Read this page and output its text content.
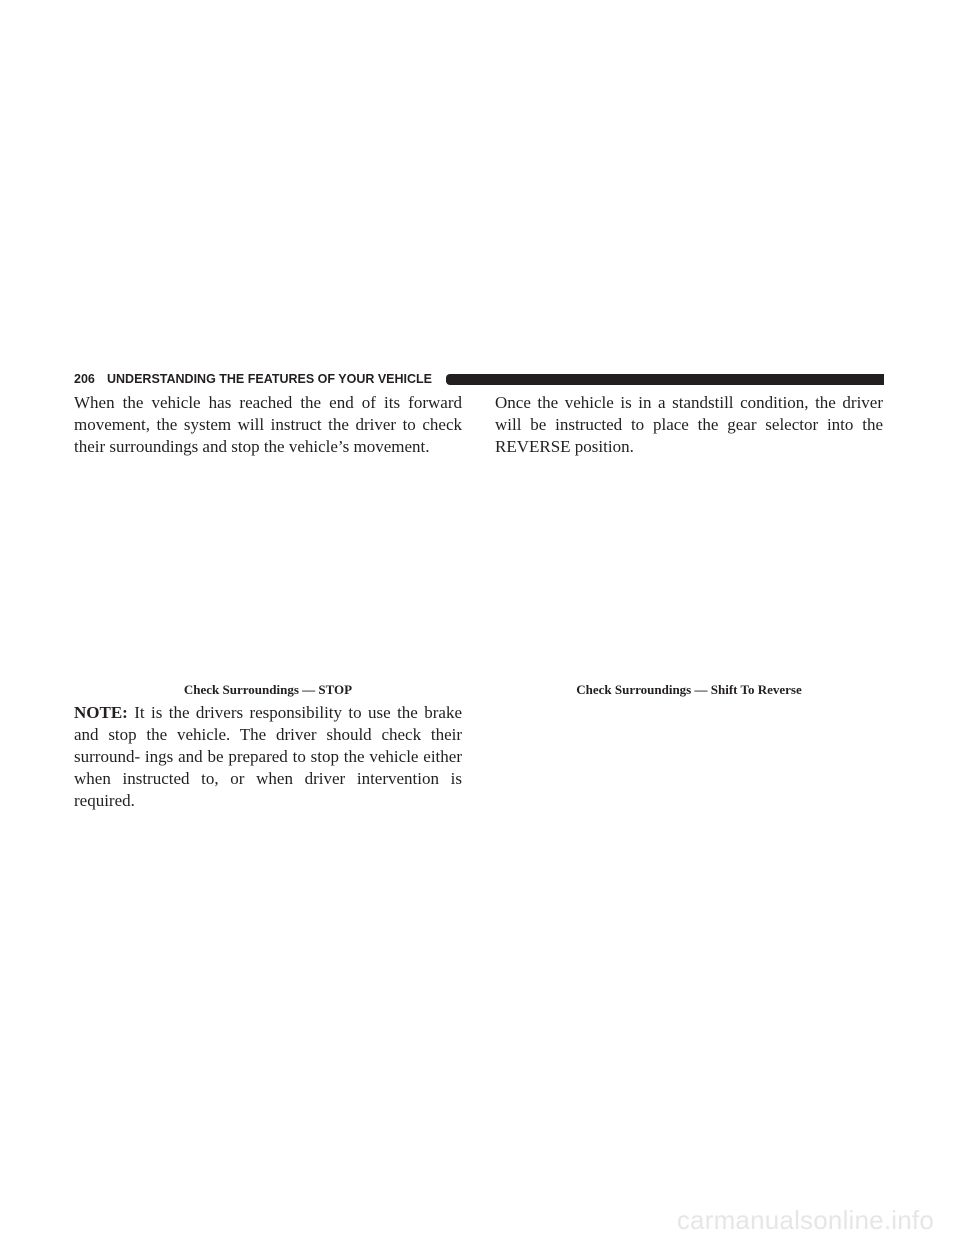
206 UNDERSTANDING THE FEATURES OF YOUR VEHICLE

When the vehicle has reached the end of its forward movement, the system will instruct the driver to check their surroundings and stop the vehicle’s movement.

Check Surroundings — STOP

NOTE: It is the drivers responsibility to use the brake and stop the vehicle. The driver should check their surround- ings and be prepared to stop the vehicle either when instructed to, or when driver intervention is required.

Once the vehicle is in a standstill condition, the driver will be instructed to place the gear selector into the REVERSE position.

Check Surroundings — Shift To Reverse
carmanualsonline.info
